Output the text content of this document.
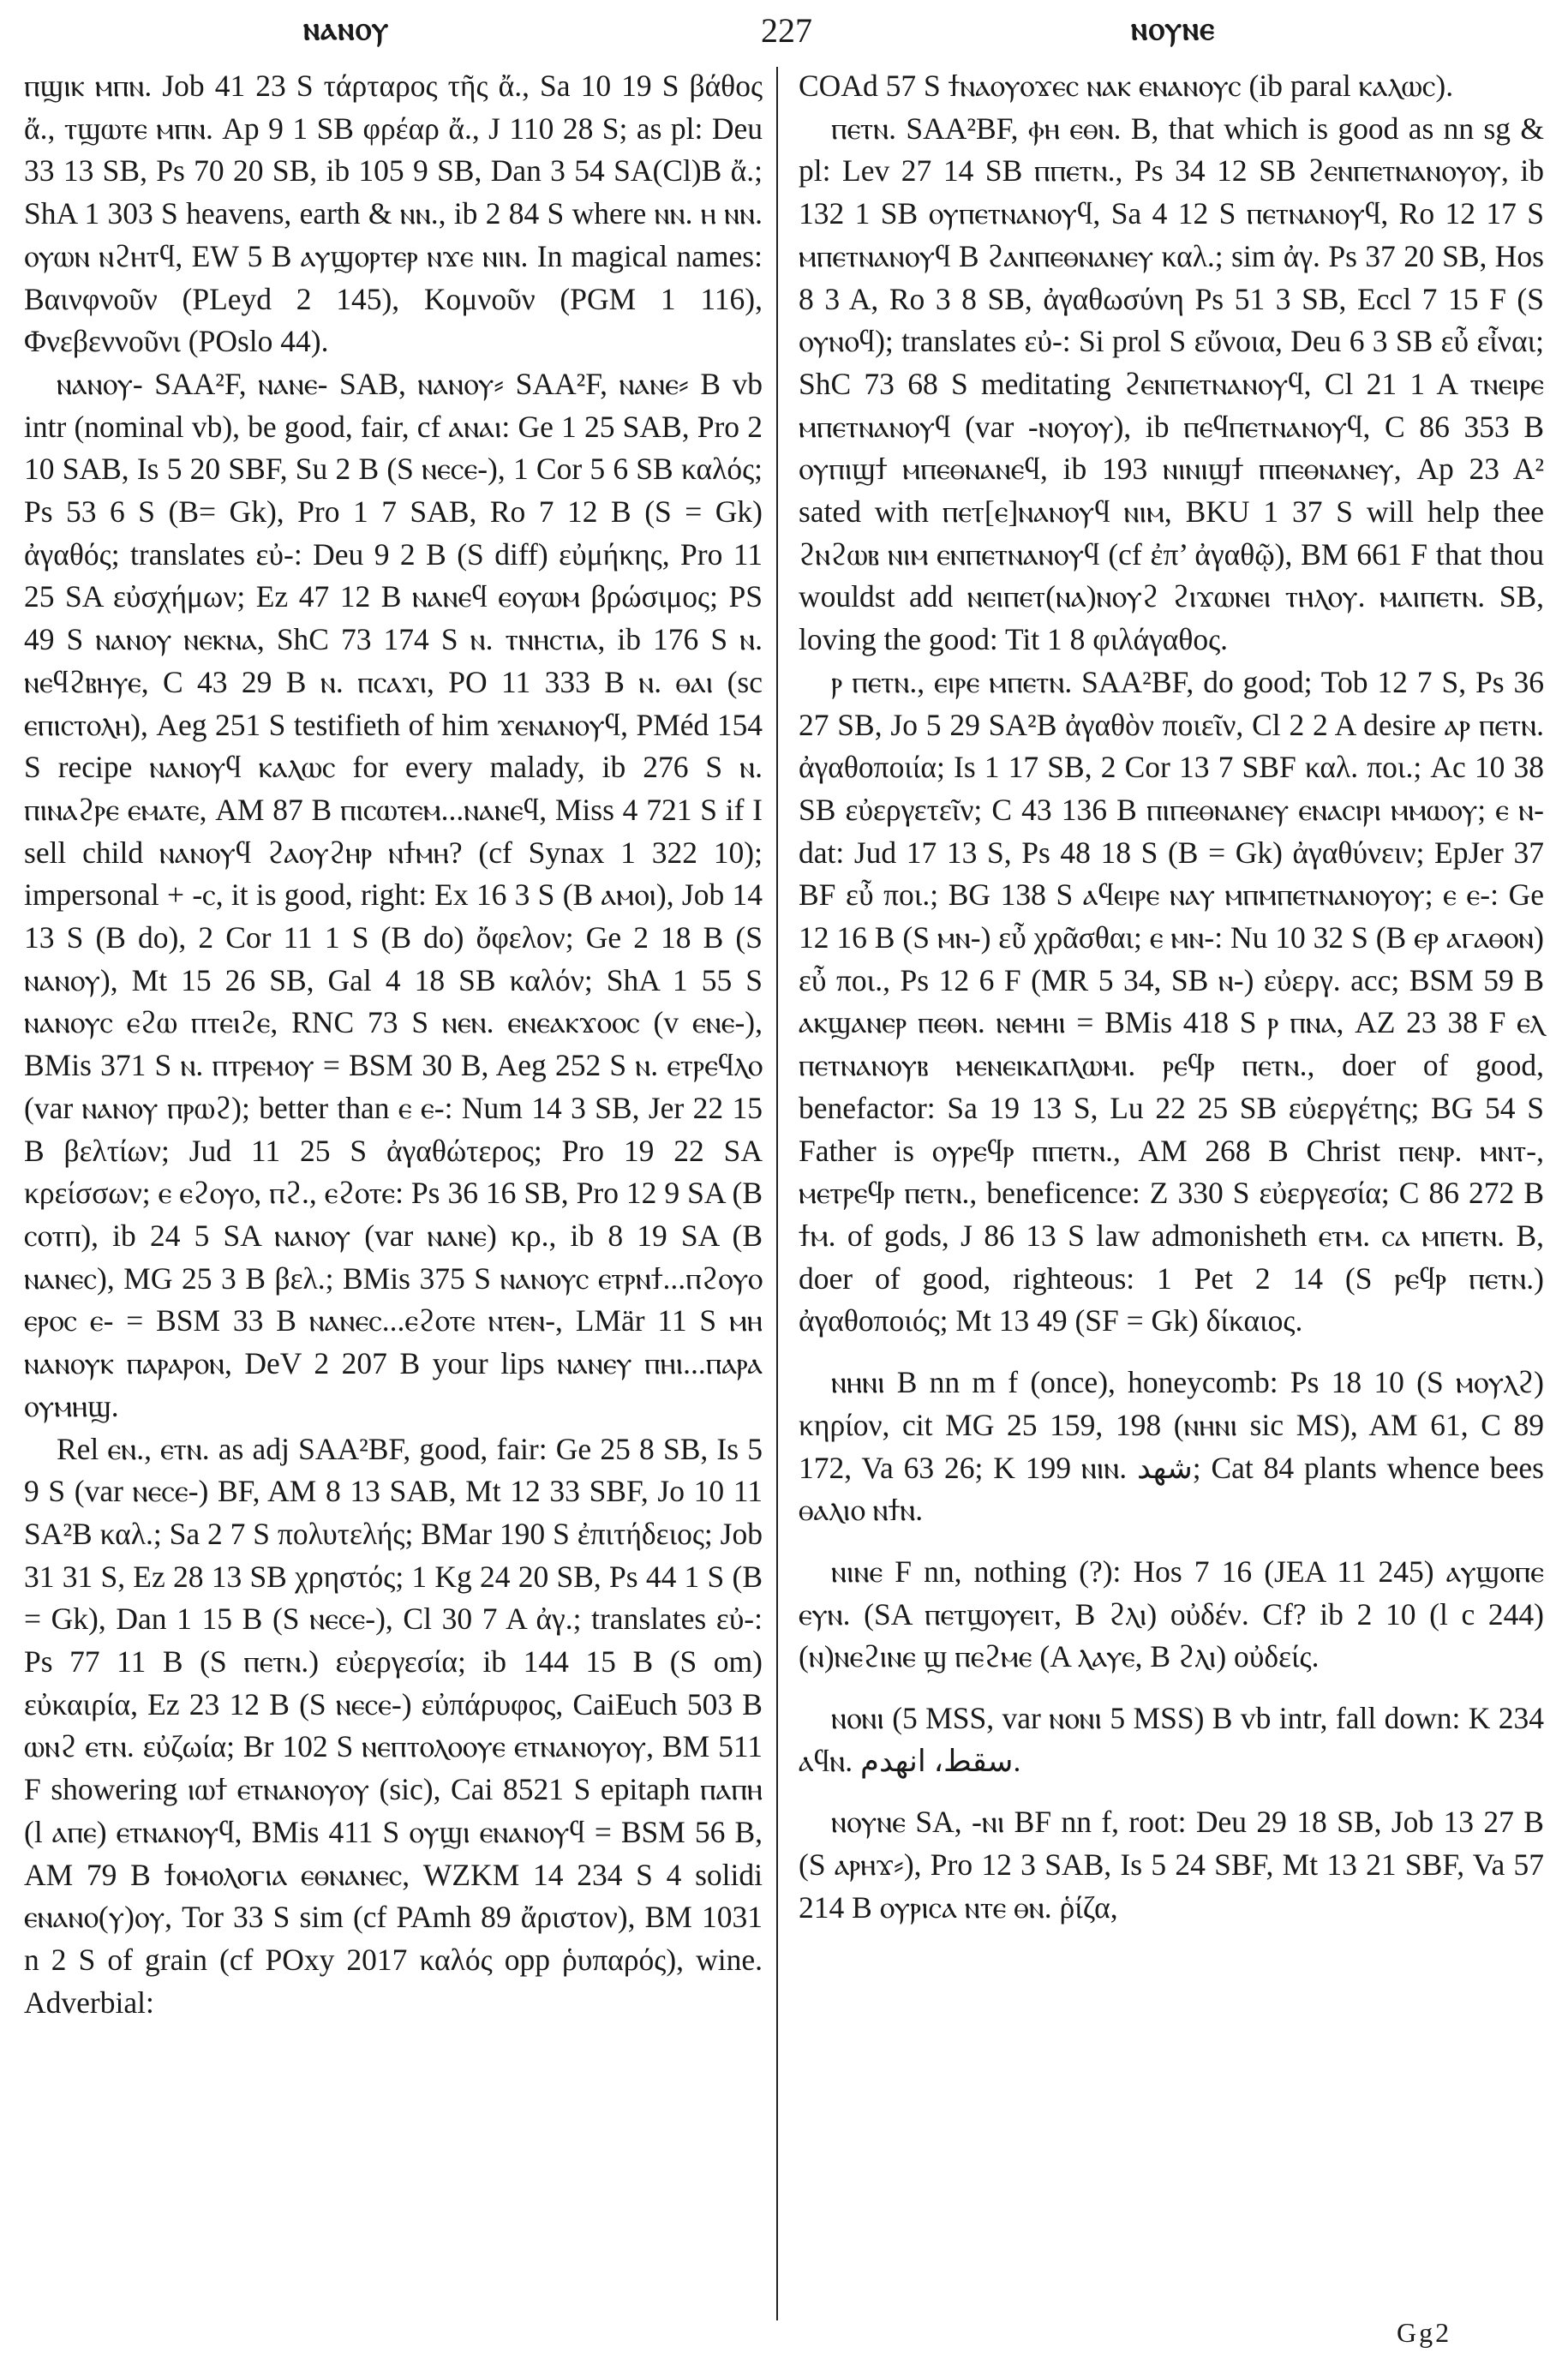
ⲛⲁⲛⲟⲩ	227	ⲛⲟⲩⲛⲉ

ⲡϣⲓⲕ ⲙⲡⲛ. Job 41 23 S τάρταρος τῆς ἄ., Sa 10 19 S βάθος ἄ., ⲧϣⲱⲧⲉ ⲙⲡⲛ. Ap 9 1 SB φρέαρ ἄ., J 110 28 S; as pl: Deu 33 13 SB, Ps 70 20 SB, ib 105 9 SB, Dan 3 54 SA(Cl)B ἄ.; ShA 1 303 S heavens, earth & ⲛⲛ., ib 2 84 S where ⲛⲛ. ⲏ ⲛⲛ. ⲟⲩⲱⲛ ⲛϩⲏⲧϥ, EW 5 B ⲁⲩϣⲟⲣⲧⲉⲣ ⲛϫⲉ ⲛⲓⲛ. In magical names: Βαινφνοῦν (PLeyd 2 145), Κομνοῦν (PGM 1 116), Φνεβεννοῦνι (POslo 44).

ⲛⲁⲛⲟⲩ- SAA²F, ⲛⲁⲛⲉ- SAB, ⲛⲁⲛⲟⲩ⸗ SAA²F, ⲛⲁⲛⲉ⸗ B vb intr (nominal vb), be good, fair, cf ⲁⲛⲁⲓ: Ge 1 25 SAB, Pro 2 10 SAB, Is 5 20 SBF, Su 2 B (S ⲛⲉⲥⲉ-), 1 Cor 5 6 SB καλός; Ps 53 6 S (B= Gk), Pro 1 7 SAB, Ro 7 12 B (S = Gk) ἀγαθός; translates εὐ-: Deu 9 2 B (S diff) εὐμήκης, Pro 11 25 SA εὐσχήμων; Ez 47 12 B ⲛⲁⲛⲉϥ ⲉⲟⲩⲱⲙ βρώσιμος; PS 49 S ⲛⲁⲛⲟⲩ ⲛⲉⲕⲛⲁ, ShC 73 174 S ⲛ. ⲧⲛⲏⲥⲧⲓⲁ, ib 176 S ⲛ. ⲛⲉϥϩⲃⲏⲩⲉ, C 43 29 B ⲛ. ⲡⲥⲁϫⲓ, PO 11 333 B ⲛ. ⲑⲁⲓ (sc ⲉⲡⲓⲥⲧⲟⲗⲏ), Aeg 251 S testifieth of him ϫⲉⲛⲁⲛⲟⲩϥ, PMéd 154 S recipe ⲛⲁⲛⲟⲩϥ ⲕⲁⲗⲱⲥ for every malady, ib 276 S ⲛ. ⲡⲓⲛⲁϩⲣⲉ ⲉⲙⲁⲧⲉ, AM 87 B ⲡⲓⲥⲱⲧⲉⲙ...ⲛⲁⲛⲉϥ, Miss 4 721 S if I sell child ⲛⲁⲛⲟⲩϥ ϩⲁⲟⲩϩⲏⲣ ⲛϯⲙⲏ? (cf Synax 1 322 10); impersonal + -ⲥ, it is good, right: Ex 16 3 S (B ⲁⲙⲟⲓ), Job 14 13 S (B do), 2 Cor 11 1 S (B do) ὄφελον; Ge 2 18 B (S ⲛⲁⲛⲟⲩ), Mt 15 26 SB, Gal 4 18 SB καλόν; ShA 1 55 S ⲛⲁⲛⲟⲩⲥ ⲉϩⲱ ⲡⲧⲉⲓϩⲉ, RNC 73 S ⲛⲉⲛ. ⲉⲛⲉⲁⲕϫⲟⲟⲥ (v ⲉⲛⲉ-), BMis 371 S ⲛ. ⲡⲧⲣⲉⲙⲟⲩ = BSM 30 B, Aeg 252 S ⲛ. ⲉⲧⲣⲉϥⲗⲟ (var ⲛⲁⲛⲟⲩ ⲡⲣⲱϩ); better than ⲉ ⲉ-: Num 14 3 SB, Jer 22 15 B βελτίων; Jud 11 25 S ἀγαθώτερος; Pro 19 22 SA κρείσσων; ⲉ ⲉϩⲟⲩⲟ, ⲡϩ., ⲉϩⲟⲧⲉ: Ps 36 16 SB, Pro 12 9 SA (B ⲥⲟⲧⲡ), ib 24 5 SA ⲛⲁⲛⲟⲩ (var ⲛⲁⲛⲉ) κρ., ib 8 19 SA (B ⲛⲁⲛⲉⲥ), MG 25 3 B βελ.; BMis 375 S ⲛⲁⲛⲟⲩⲥ ⲉⲧⲣⲛϯ...ⲡϩⲟⲩⲟ ⲉⲣⲟⲥ ⲉ- = BSM 33 B ⲛⲁⲛⲉⲥ...ⲉϩⲟⲧⲉ ⲛⲧⲉⲛ-, LMär 11 S ⲙⲏ ⲛⲁⲛⲟⲩⲕ ⲡⲁⲣⲁⲣⲟⲛ, DeV 2 207 B your lips ⲛⲁⲛⲉⲩ ⲡⲏⲓ...ⲡⲁⲣⲁ ⲟⲩⲙⲏϣ.

Rel ⲉⲛ., ⲉⲧⲛ. as adj SAA²BF, good, fair: Ge 25 8 SB, Is 5 9 S (var ⲛⲉⲥⲉ-) BF, AM 8 13 SAB, Mt 12 33 SBF, Jo 10 11 SA²B καλ.; Sa 2 7 S πολυτελής; BMar 190 S ἐπιτήδειος; Job 31 31 S, Ez 28 13 SB χρηστός; 1 Kg 24 20 SB, Ps 44 1 S (B = Gk), Dan 1 15 B (S ⲛⲉⲥⲉ-), Cl 30 7 A ἀγ.; translates εὐ-: Ps 77 11 B (S ⲡⲉⲧⲛ.) εὐεργεσία; ib 144 15 B (S om) εὐκαιρία, Ez 23 12 B (S ⲛⲉⲥⲉ-) εὐπάρυφος, CaiEuch 503 B ⲱⲛϩ ⲉⲧⲛ. εὐζωία; Br 102 S ⲛⲉⲡⲧⲟⲗⲟⲟⲩⲉ ⲉⲧⲛⲁⲛⲟⲩⲟⲩ, BM 511 F showering ⲓⲱϯ ⲉⲧⲛⲁⲛⲟⲩⲟⲩ (sic), Cai 8521 S epitaph ⲡⲁⲡⲏ (l ⲁⲡⲉ) ⲉⲧⲛⲁⲛⲟⲩϥ, BMis 411 S ⲟⲩϣⲓ ⲉⲛⲁⲛⲟⲩϥ = BSM 56 B, AM 79 B ϯⲟⲙⲟⲗⲟⲅⲓⲁ ⲉⲑⲛⲁⲛⲉⲥ, WZKM 14 234 S 4 solidi ⲉⲛⲁⲛⲟ(ⲩ)ⲟⲩ, Tor 33 S sim (cf PAmh 89 ἄριστον), BM 1031 n 2 S of grain (cf POxy 2017 καλός opp ῥυπαρός), wine. Adverbial:

COAd 57 S ϯⲛⲁⲟⲩⲟϫⲉⲥ ⲛⲁⲕ ⲉⲛⲁⲛⲟⲩⲥ (ib paral ⲕⲁⲗⲱⲥ).

ⲡⲉⲧⲛ. SAA²BF, ⲫⲏ ⲉⲑⲛ. B, that which is good as nn sg & pl: Lev 27 14 SB ⲡⲡⲉⲧⲛ., Ps 34 12 SB ϩⲉⲛⲡⲉⲧⲛⲁⲛⲟⲩⲟⲩ, ib 132 1 SB ⲟⲩⲡⲉⲧⲛⲁⲛⲟⲩϥ, Sa 4 12 S ⲡⲉⲧⲛⲁⲛⲟⲩϥ, Ro 12 17 S ⲙⲡⲉⲧⲛⲁⲛⲟⲩϥ B ϩⲁⲛⲡⲉⲑⲛⲁⲛⲉⲩ καλ.; sim ἀγ. Ps 37 20 SB, Hos 8 3 A, Ro 3 8 SB, ἀγαθωσύνη Ps 51 3 SB, Eccl 7 15 F (S ⲟⲩⲛⲟϥ); translates εὐ-: Si prol S εὔνοια, Deu 6 3 SB εὖ εἶναι; ShC 73 68 S meditating ϩⲉⲛⲡⲉⲧⲛⲁⲛⲟⲩϥ, Cl 21 1 A ⲧⲛⲉⲓⲣⲉ ⲙⲡⲉⲧⲛⲁⲛⲟⲩϥ (var -ⲛⲟⲩⲟⲩ), ib ⲡⲉϥⲡⲉⲧⲛⲁⲛⲟⲩϥ, C 86 353 B ⲟⲩⲡⲓϣϯ ⲙⲡⲉⲑⲛⲁⲛⲉϥ, ib 193 ⲛⲓⲛⲓϣϯ ⲡⲡⲉⲑⲛⲁⲛⲉⲩ, Ap 23 A² sated with ⲡⲉⲧ[ⲉ]ⲛⲁⲛⲟⲩϥ ⲛⲓⲙ, BKU 1 37 S will help thee ϩⲛϩⲱⲃ ⲛⲓⲙ ⲉⲛⲡⲉⲧⲛⲁⲛⲟⲩϥ (cf ἐπ’ ἀγαθῷ), BM 661 F that thou wouldst add ⲛⲉⲓⲡⲉⲧ(ⲛⲁ)ⲛⲟⲩϩ ϩⲓϫⲱⲛⲉⲓ ⲧⲏⲗⲟⲩ. ⲙⲁⲓⲡⲉⲧⲛ. SB, loving the good: Tit 1 8 φιλάγαθος.

ⲣ ⲡⲉⲧⲛ., ⲉⲓⲣⲉ ⲙⲡⲉⲧⲛ. SAA²BF, do good; Tob 12 7 S, Ps 36 27 SB, Jo 5 29 SA²B ἀγαθὸν ποιεῖν, Cl 2 2 A desire ⲁⲣ ⲡⲉⲧⲛ. ἀγαθοποιία; Is 1 17 SB, 2 Cor 13 7 SBF καλ. ποι.; Ac 10 38 SB εὐεργετεῖν; C 43 136 B ⲡⲓⲡⲉⲑⲛⲁⲛⲉⲩ ⲉⲛⲁⲥⲓⲣⲓ ⲙⲙⲱⲟⲩ; ⲉ ⲛ- dat: Jud 17 13 S, Ps 48 18 S (B = Gk) ἀγαθύνειν; EpJer 37 BF εὖ ποι.; BG 138 S ⲁϥⲉⲓⲣⲉ ⲛⲁⲩ ⲙⲡⲙⲡⲉⲧⲛⲁⲛⲟⲩⲟⲩ; ⲉ ⲉ-: Ge 12 16 B (S ⲙⲛ-) εὖ χρᾶσθαι; ⲉ ⲙⲛ-: Nu 10 32 S (B ⲉⲣ ⲁⲅⲁⲑⲟⲛ) εὖ ποι., Ps 12 6 F (MR 5 34, SB ⲛ-) εὐεργ. acc; BSM 59 B ⲁⲕϣⲁⲛⲉⲣ ⲡⲉⲑⲛ. ⲛⲉⲙⲏⲓ = BMis 418 S ⲣ ⲡⲛⲁ, AZ 23 38 F ⲉⲗ ⲡⲉⲧⲛⲁⲛⲟⲩⲃ ⲙⲉⲛⲉⲓⲕⲁⲡⲗⲱⲙⲓ. ⲣⲉϥⲣ ⲡⲉⲧⲛ., doer of good, benefactor: Sa 19 13 S, Lu 22 25 SB εὐεργέτης; BG 54 S Father is ⲟⲩⲣⲉϥⲣ ⲡⲡⲉⲧⲛ., AM 268 B Christ ⲡⲉⲛⲣ. ⲙⲛⲧ-, ⲙⲉⲧⲣⲉϥⲣ ⲡⲉⲧⲛ., beneficence: Z 330 S εὐεργεσία; C 86 272 B ϯⲙ. of gods, J 86 13 S law admonisheth ⲉⲧⲙ. ⲥⲁ ⲙⲡⲉⲧⲛ. B, doer of good, righteous: 1 Pet 2 14 (S ⲣⲉϥⲣ ⲡⲉⲧⲛ.) ἀγαθοποιός; Mt 13 49 (SF = Gk) δίκαιος.

ⲛⲏⲛⲓ B nn m f (once), honeycomb: Ps 18 10 (S ⲙⲟⲩⲗϩ) κηρίον, cit MG 25 159, 198 (ⲛⲏⲛⲓ sic MS), AM 61, C 89 172, Va 63 26; K 199 ⲛⲓⲛ. شهد; Cat 84 plants whence bees ⲑⲁⲗⲓⲟ ⲛϯⲛ.

ⲛⲓⲛⲉ F nn, nothing (?): Hos 7 16 (JEA 11 245) ⲁⲩϣⲟⲡⲉ ⲉⲩⲛ. (SA ⲡⲉⲧϣⲟⲩⲉⲓⲧ, B ϩⲗⲓ) οὐδέν. Cf? ib 2 10 (l c 244) (ⲛ)ⲛⲉϩⲓⲛⲉ ϣ ⲡⲉϩⲙⲉ (A ⲗⲁⲩⲉ, B ϩⲗⲓ) οὐδείς.

ⲛⲟⲛⲓ (5 MSS, var ⲛⲟⲛⲓ 5 MSS) B vb intr, fall down: K 234 ⲁϥⲛ. سقط، انهدم.

ⲛⲟⲩⲛⲉ SA, -ⲛⲓ BF nn f, root: Deu 29 18 SB, Job 13 27 B (S ⲁⲣⲏϫ⸗), Pro 12 3 SAB, Is 5 24 SBF, Mt 13 21 SBF, Va 57 214 B ⲟⲩⲣⲓⲥⲁ ⲛⲧⲉ ⲑⲛ. ῥίζα,

Gg2
